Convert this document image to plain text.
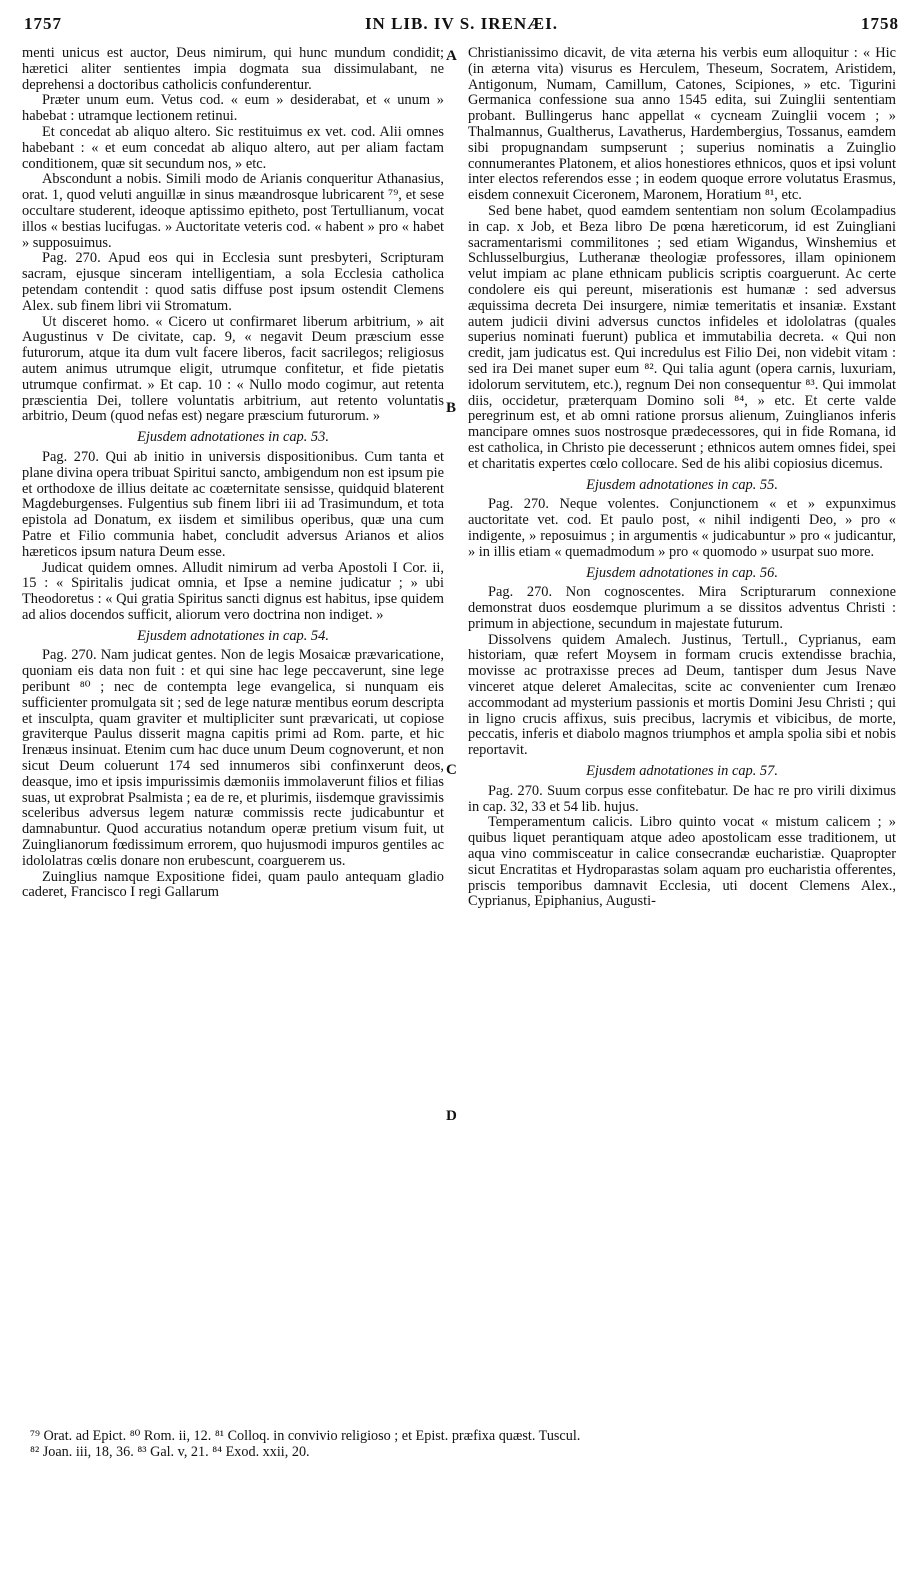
1757	IN LIB. IV S. IRENÆI.	1758
A
B
C
D

menti unicus est auctor, Deus nimirum, qui hunc mundum condidit; hæretici aliter sentientes impia dogmata sua dissimulabant, ne deprehensi a doctoribus catholicis confunderentur.

Præter unum eum. Vetus cod. « eum » desiderabat, et « unum » habebat : utramque lectionem retinui.

Et concedat ab aliquo altero. Sic restituimus ex vet. cod. Alii omnes habebant : « et eum concedat ab aliquo altero, aut per aliam factam conditionem, quæ sit secundum nos, » etc.

Abscondunt a nobis. Simili modo de Arianis conqueritur Athanasius, orat. 1, quod veluti anguillæ in sinus mæandrosque lubricarent ⁷⁹, et sese occultare studerent, ideoque aptissimo epitheto, post Tertullianum, vocat illos « bestias lucifugas. » Auctoritate veteris cod. « habent » pro « habet » supposuimus.

Pag. 270. Apud eos qui in Ecclesia sunt presbyteri, Scripturam sacram, ejusque sinceram intelligentiam, a sola Ecclesia catholica petendam contendit : quod satis diffuse post ipsum ostendit Clemens Alex. sub finem libri vii Stromatum.

Ut disceret homo. « Cicero ut confirmaret liberum arbitrium, » ait Augustinus v De civitate, cap. 9, « negavit Deum præscium esse futurorum, atque ita dum vult facere liberos, facit sacrilegos; religiosus autem animus utrumque eligit, utrumque confitetur, et fide pietatis utrumque confirmat. » Et cap. 10 : « Nullo modo cogimur, aut retenta præscientia Dei, tollere voluntatis arbitrium, aut retento voluntatis arbitrio, Deum (quod nefas est) negare præscium futurorum. »

Ejusdem adnotationes in cap. 53.

Pag. 270. Qui ab initio in universis dispositionibus. Cum tanta et plane divina opera tribuat Spiritui sancto, ambigendum non est ipsum pie et orthodoxe de illius deitate ac coæternitate sensisse, quidquid blaterent Magdeburgenses. Fulgentius sub finem libri iii ad Trasimundum, et tota epistola ad Donatum, ex iisdem et similibus operibus, quæ una cum Patre et Filio communia habet, concludit adversus Arianos et alios hæreticos ipsum natura Deum esse.

Judicat quidem omnes. Alludit nimirum ad verba Apostoli I Cor. ii, 15 : « Spiritalis judicat omnia, et Ipse a nemine judicatur ; » ubi Theodoretus : « Qui gratia Spiritus sancti dignus est habitus, ipse quidem ad alios docendos sufficit, aliorum vero doctrina non indiget. »

Ejusdem adnotationes in cap. 54.

Pag. 270. Nam judicat gentes. Non de legis Mosaicæ prævaricatione, quoniam eis data non fuit : et qui sine hac lege peccaverunt, sine lege peribunt ⁸⁰ ; nec de contempta lege evangelica, si nunquam eis sufficienter promulgata sit ; sed de lege naturæ mentibus eorum descripta et insculpta, quam graviter et multipliciter sunt prævaricati, ut copiose graviterque Paulus disserit magna capitis primi ad Rom. parte, et hic Irenæus insinuat. Etenim cum hac duce unum Deum cognoverunt, et non sicut Deum coluerunt 174 sed innumeros sibi confinxerunt deos, deasque, imo et ipsis impurissimis dæmoniis immolaverunt filios et filias suas, ut exprobrat Psalmista ; ea de re, et plurimis, iisdemque gravissimis sceleribus adversus legem naturæ commissis recte judicabuntur et damnabuntur. Quod accuratius notandum operæ pretium visum fuit, ut Zuinglianorum fœdissimum errorem, quo hujusmodi impuros gentiles ac idololatras cœlis donare non erubescunt, coarguerem us.

Zuinglius namque Expositione fidei, quam paulo antequam gladio caderet, Francisco I regi Gallarum

Christianissimo dicavit, de vita æterna his verbis eum alloquitur : « Hic (in æterna vita) visurus es Herculem, Theseum, Socratem, Aristidem, Antigonum, Numam, Camillum, Catones, Scipiones, » etc. Tigurini Germanica confessione sua anno 1545 edita, sui Zuinglii sententiam probant. Bullingerus hanc appellat « cycneam Zuinglii vocem ; » Thalmannus, Gualtherus, Lavatherus, Hardembergius, Tossanus, eamdem sibi propugnandam sumpserunt ; superius nominatis a Zuinglio connumerantes Platonem, et alios honestiores ethnicos, quos et ipsi volunt inter electos referendos esse ; in eodem quoque errore volutatus Erasmus, eisdem connexuit Ciceronem, Maronem, Horatium ⁸¹, etc.

Sed bene habet, quod eamdem sententiam non solum Œcolampadius in cap. x Job, et Beza libro De pœna hæreticorum, id est Zuingliani sacramentarismi commilitones ; sed etiam Wigandus, Winshemius et Schlusselburgius, Lutheranæ theologiæ professores, illam opinionem velut impiam ac plane ethnicam publicis scriptis coarguerunt. Ac certe condolere eis qui pereunt, miserationis est humanæ : sed adversus æquissima decreta Dei insurgere, nimiæ temeritatis et insaniæ. Exstant autem judicii divini adversus cunctos infideles et idololatras (quales superius nominati fuerunt) publica et immutabilia decreta. « Qui non credit, jam judicatus est. Qui incredulus est Filio Dei, non videbit vitam : sed ira Dei manet super eum ⁸². Qui talia agunt (opera carnis, luxuriam, idolorum servitutem, etc.), regnum Dei non consequentur ⁸³. Qui immolat diis, occidetur, præterquam Domino soli ⁸⁴, » etc. Et certe valde peregrinum est, et ab omni ratione prorsus alienum, Zuinglianos inferis mancipare omnes suos nostrosque prædecessores, qui in fide Romana, id est catholica, in Christo pie decesserunt ; ethnicos autem omnes fidei, spei et charitatis expertes cœlo collocare. Sed de his alibi copiosius dicemus.

Ejusdem adnotationes in cap. 55.

Pag. 270. Neque volentes. Conjunctionem « et » expunximus auctoritate vet. cod. Et paulo post, « nihil indigenti Deo, » pro « indigente, » reposuimus ; in argumentis « judicabuntur » pro « judicantur, » in illis etiam « quemadmodum » pro « quomodo » usurpat suo more.

Ejusdem adnotationes in cap. 56.

Pag. 270. Non cognoscentes. Mira Scripturarum connexione demonstrat duos eosdemque plurimum a se dissitos adventus Christi : primum in abjectione, secundum in majestate futurum.

Dissolvens quidem Amalech. Justinus, Tertull., Cyprianus, eam historiam, quæ refert Moysem in formam crucis extendisse brachia, movisse ac protraxisse preces ad Deum, tantisper dum Jesus Nave vinceret atque deleret Amalecitas, scite ac convenienter cum Irenæo accommodant ad mysterium passionis et mortis Domini Jesu Christi ; qui in ligno crucis affixus, suis precibus, lacrymis et vibicibus, de morte, peccatis, inferis et diabolo magnos triumphos et ampla spolia sibi et nobis reportavit.

Ejusdem adnotationes in cap. 57.

Pag. 270. Suum corpus esse confitebatur. De hac re pro virili diximus in cap. 32, 33 et 54 lib. hujus.

Temperamentum calicis. Libro quinto vocat « mistum calicem ; » quibus liquet perantiquam atque adeo apostolicam esse traditionem, ut aqua vino commisceatur in calice consecrandæ eucharistiæ. Quapropter sicut Encratitas et Hydroparastas solam aquam pro eucharistia offerentes, priscis temporibus damnavit Ecclesia, uti docent Clemens Alex., Cyprianus, Epiphanius, Augusti-

⁷⁹ Orat. ad Epict. ⁸⁰ Rom. ii, 12. ⁸¹ Colloq. in convivio religioso ; et Epist. præfixa quæst. Tuscul.
⁸² Joan. iii, 18, 36. ⁸³ Gal. v, 21. ⁸⁴ Exod. xxii, 20.
